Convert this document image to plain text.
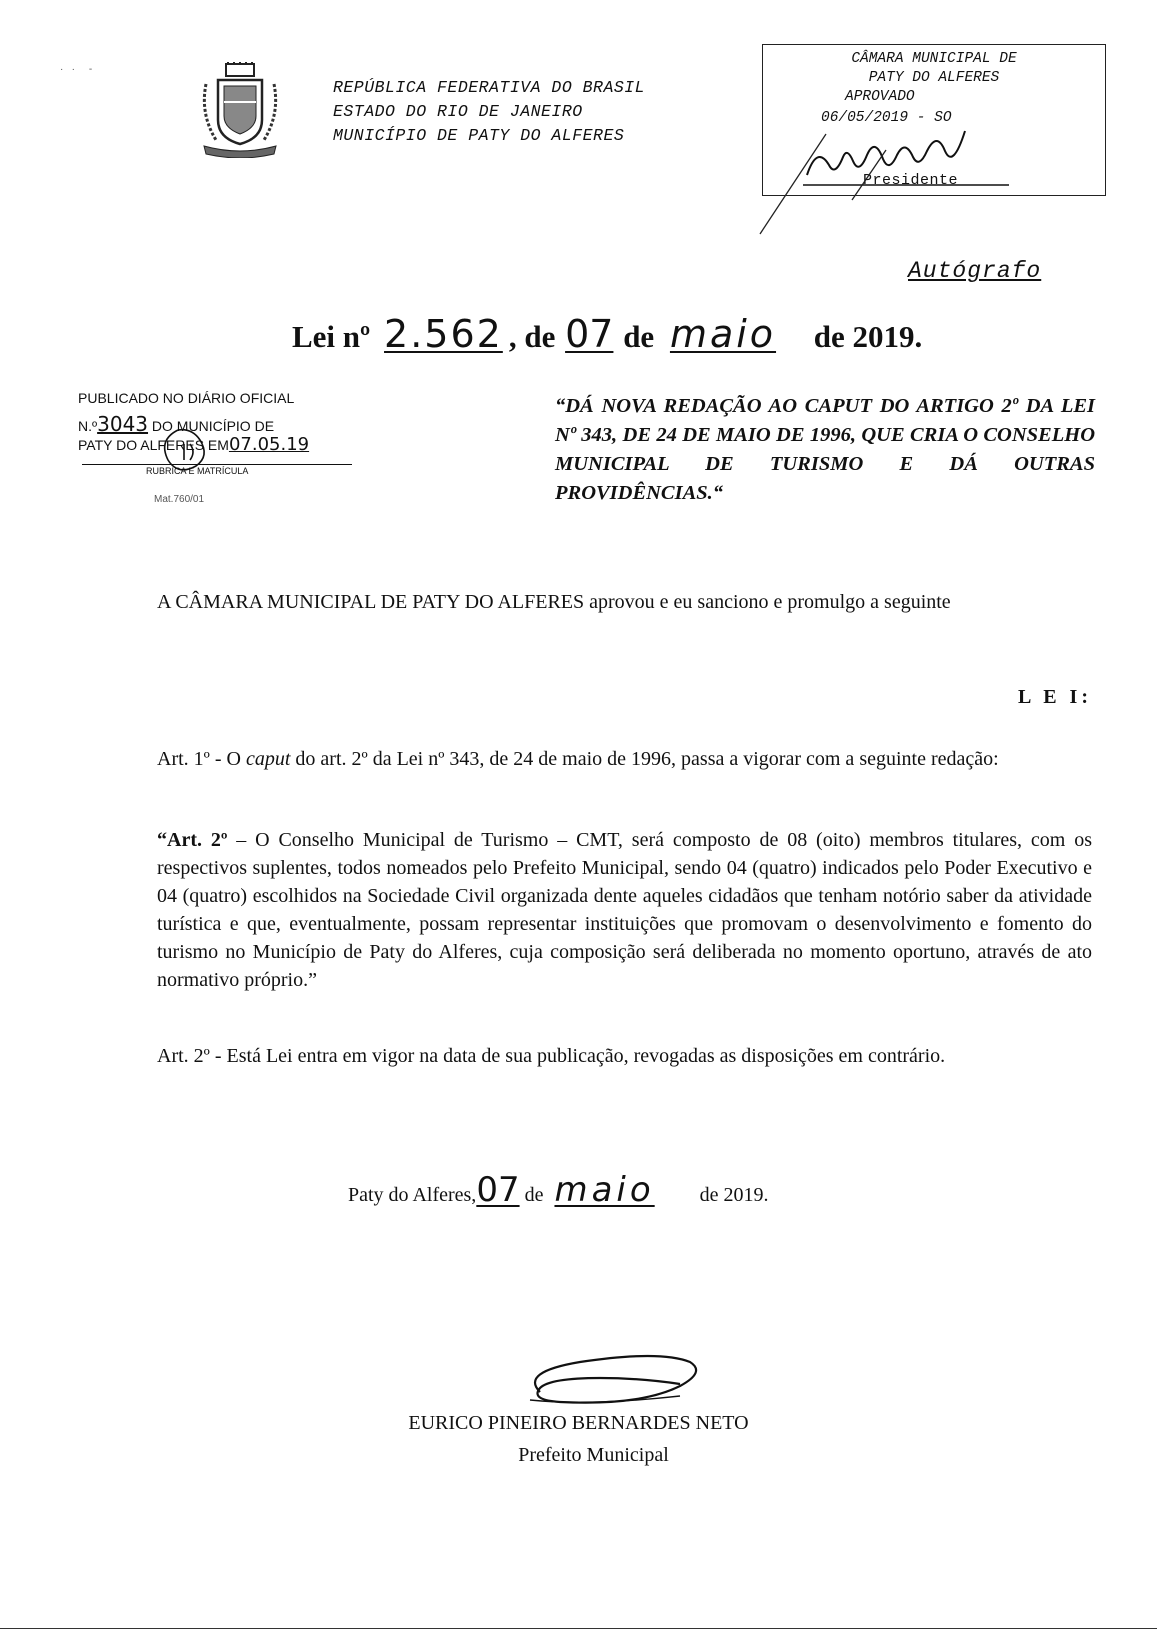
·   ·     -
REPÚBLICA FEDERATIVA DO BRASIL
ESTADO DO RIO DE JANEIRO
MUNICÍPIO DE PATY DO ALFERES
CÂMARA MUNICIPAL DE
PATY DO ALFERES
APROVADO
06/05/2019 - SO
Presidente
Autógrafo
Lei nº 2.562 , de 07 de maio de 2019.
PUBLICADO NO DIÁRIO OFICIAL
N.º3043 DO MUNICÍPIO DE
PATY DO ALFERES EM07.05.19
RUBRICA E MATRÍCULA
Mat.760/01
“DÁ NOVA REDAÇÃO AO CAPUT DO ARTIGO 2º DA LEI Nº 343, DE 24 DE MAIO DE 1996, QUE CRIA O CONSELHO MUNICIPAL DE TURISMO E DÁ OUTRAS PROVIDÊNCIAS.“
A CÂMARA MUNICIPAL DE PATY DO ALFERES aprovou e eu sanciono e promulgo a seguinte
L E I:
Art. 1º - O caput do art. 2º da Lei nº 343, de 24 de maio de 1996, passa a vigorar com a seguinte redação:
“Art. 2º – O Conselho Municipal de Turismo – CMT, será composto de 08 (oito) membros titulares, com os respectivos suplentes, todos nomeados pelo Prefeito Municipal, sendo 04 (quatro) indicados pelo Poder Executivo e 04 (quatro) escolhidos na Sociedade Civil organizada dente aqueles cidadãos que tenham notório saber da atividade turística e que, eventualmente, possam representar instituições que promovam o desenvolvimento e fomento do turismo no Município de Paty do Alferes, cuja composição será deliberada no momento oportuno, através de ato normativo próprio.”
Art. 2º - Está Lei entra em vigor na data de sua publicação, revogadas as disposições em contrário.
Paty do Alferes,07 de maio de 2019.
EURICO PINEIRO BERNARDES NETO
Prefeito Municipal
